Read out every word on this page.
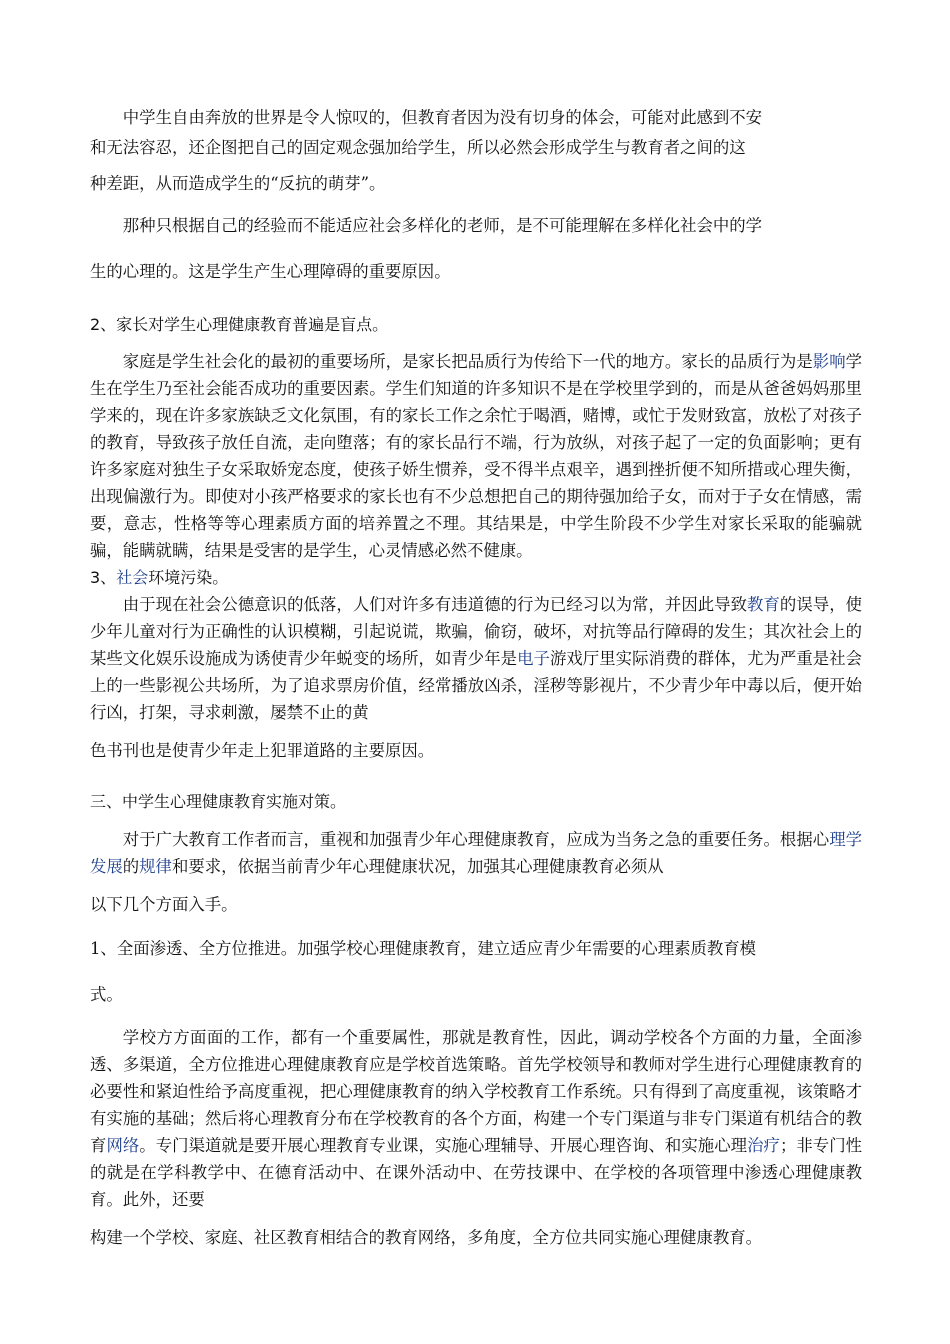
中学生自由奔放的世界是令人惊叹的，但教育者因为没有切身的体会，可能对此感到不安

和无法容忍，还企图把自己的固定观念强加给学生，所以必然会形成学生与教育者之间的这

种差距，从而造成学生的“反抗的萌芽”。

那种只根据自己的经验而不能适应社会多样化的老师，是不可能理解在多样化社会中的学

生的心理的。这是学生产生心理障碍的重要原因。

2、家长对学生心理健康教育普遍是盲点。

家庭是学生社会化的最初的重要场所，是家长把品质行为传给下一代的地方。家长的品质行为是影响学生在学生乃至社会能否成功的重要因素。学生们知道的许多知识不是在学校里学到的，而是从爸爸妈妈那里学来的，现在许多家族缺乏文化氛围，有的家长工作之余忙于喝酒，赌博，或忙于发财致富，放松了对孩子的教育，导致孩子放任自流，走向堕落；有的家长品行不端，行为放纵，对孩子起了一定的负面影响；更有许多家庭对独生子女采取娇宠态度，使孩子娇生惯养，受不得半点艰辛，遇到挫折便不知所措或心理失衡，出现偏激行为。即使对小孩严格要求的家长也有不少总想把自己的期待强加给子女，而对于子女在情感，需要，意志，性格等等心理素质方面的培养置之不理。其结果是，中学生阶段不少学生对家长采取的能骗就骗，能瞒就瞒，结果是受害的是学生，心灵情感必然不健康。

3、社会环境污染。

由于现在社会公德意识的低落，人们对许多有违道德的行为已经习以为常，并因此导致教育的误导，使少年儿童对行为正确性的认识模糊，引起说谎，欺骗，偷窃，破坏，对抗等品行障碍的发生；其次社会上的某些文化娱乐设施成为诱使青少年蜕变的场所，如青少年是电子游戏厅里实际消费的群体，尤为严重是社会上的一些影视公共场所，为了追求票房价值，经常播放凶杀，淫秽等影视片，不少青少年中毒以后，便开始行凶，打架，寻求刺激，屡禁不止的黄

色书刊也是使青少年走上犯罪道路的主要原因。

三、中学生心理健康教育实施对策。

对于广大教育工作者而言，重视和加强青少年心理健康教育，应成为当务之急的重要任务。根据心理学发展的规律和要求，依据当前青少年心理健康状况，加强其心理健康教育必须从

以下几个方面入手。

1、全面渗透、全方位推进。加强学校心理健康教育，建立适应青少年需要的心理素质教育模

式。

学校方方面面的工作，都有一个重要属性，那就是教育性，因此，调动学校各个方面的力量，全面渗透、多渠道，全方位推进心理健康教育应是学校首选策略。首先学校领导和教师对学生进行心理健康教育的必要性和紧迫性给予高度重视，把心理健康教育的纳入学校教育工作系统。只有得到了高度重视，该策略才有实施的基础；然后将心理教育分布在学校教育的各个方面，构建一个专门渠道与非专门渠道有机结合的教育网络。专门渠道就是要开展心理教育专业课，实施心理辅导、开展心理咨询、和实施心理治疗；非专门性的就是在学科教学中、在德育活动中、在课外活动中、在劳技课中、在学校的各项管理中渗透心理健康教育。此外，还要

构建一个学校、家庭、社区教育相结合的教育网络，多角度，全方位共同实施心理健康教育。
